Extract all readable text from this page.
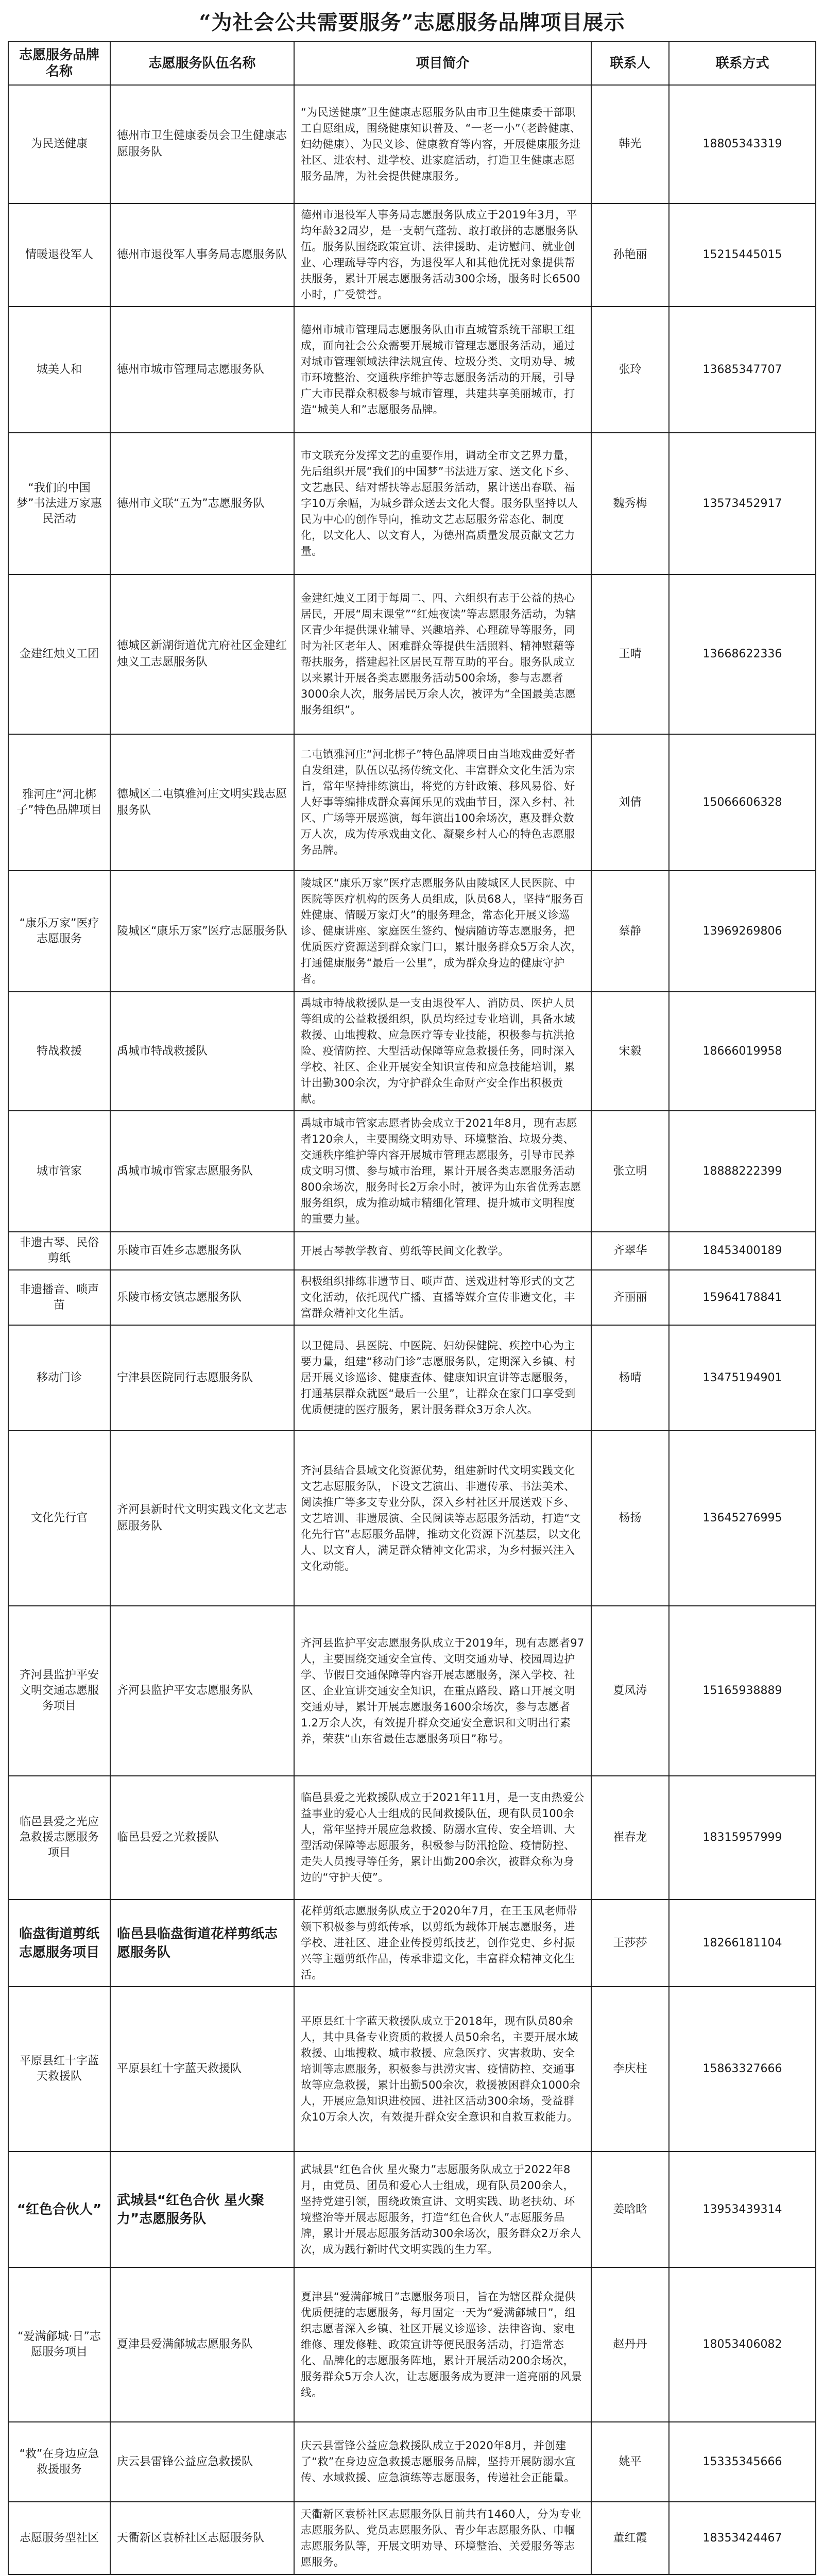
“为社会公共需要服务”志愿服务品牌项目展示
志愿服务品牌名称	志愿服务队伍名称	项目简介	联系人	联系方式
为民送健康	德州市卫生健康委员会卫生健康志愿服务队	“为民送健康”卫生健康志愿服务队由市卫生健康委干部职工自愿组成，围绕健康知识普及、“一老一小”（老龄健康、妇幼健康）、为民义诊、健康教育等内容，开展健康服务进社区、进农村、进学校、进家庭活动，打造卫生健康志愿服务品牌，为社会提供健康服务。	韩光	18805343319
情暖退役军人	德州市退役军人事务局志愿服务队	德州市退役军人事务局志愿服务队成立于2019年3月，平均年龄32周岁，是一支朝气蓬勃、敢打敢拼的志愿服务队伍。服务队围绕政策宣讲、法律援助、走访慰问、就业创业、心理疏导等内容，为退役军人和其他优抚对象提供帮扶服务，累计开展志愿服务活动300余场，服务时长6500小时，广受赞誉。	孙艳丽	15215445015
城美人和	德州市城市管理局志愿服务队	德州市城市管理局志愿服务队由市直城管系统干部职工组成，面向社会公众需要开展城市管理志愿服务活动，通过对城市管理领域法律法规宣传、垃圾分类、文明劝导、城市环境整治、交通秩序维护等志愿服务活动的开展，引导广大市民群众积极参与城市管理，共建共享美丽城市，打造“城美人和”志愿服务品牌。	张玲	13685347707
“我们的中国梦”书法进万家惠民活动	德州市文联“五为”志愿服务队	市文联充分发挥文艺的重要作用，调动全市文艺界力量，先后组织开展“我们的中国梦”书法进万家、送文化下乡、文艺惠民、结对帮扶等志愿服务活动，累计送出春联、福字10万余幅，为城乡群众送去文化大餐。服务队坚持以人民为中心的创作导向，推动文艺志愿服务常态化、制度化，以文化人、以文育人，为德州高质量发展贡献文艺力量。	魏秀梅	13573452917
金建红烛义工团	德城区新湖街道优亢府社区金建红烛义工志愿服务队	金建红烛义工团于每周二、四、六组织有志于公益的热心居民，开展“周末课堂”“红烛夜读”等志愿服务活动，为辖区青少年提供课业辅导、兴趣培养、心理疏导等服务，同时为社区老年人、困难群众等提供生活照料、精神慰藉等帮扶服务，搭建起社区居民互帮互助的平台。服务队成立以来累计开展各类志愿服务活动500余场，参与志愿者3000余人次，服务居民万余人次，被评为“全国最美志愿服务组织”。	王晴	13668622336
雅河庄“河北梆子”特色品牌项目	德城区二屯镇雅河庄文明实践志愿服务队	二屯镇雅河庄“河北梆子”特色品牌项目由当地戏曲爱好者自发组建，队伍以弘扬传统文化、丰富群众文化生活为宗旨，常年坚持排练演出，将党的方针政策、移风易俗、好人好事等编排成群众喜闻乐见的戏曲节目，深入乡村、社区、广场等开展巡演，每年演出100余场次，惠及群众数万人次，成为传承戏曲文化、凝聚乡村人心的特色志愿服务品牌。	刘倩	15066606328
“康乐万家”医疗志愿服务	陵城区“康乐万家”医疗志愿服务队	陵城区“康乐万家”医疗志愿服务队由陵城区人民医院、中医院等医疗机构的医务人员组成，队员68人，坚持“服务百姓健康、情暖万家灯火”的服务理念，常态化开展义诊巡诊、健康讲座、家庭医生签约、慢病随访等志愿服务，把优质医疗资源送到群众家门口，累计服务群众5万余人次，打通健康服务“最后一公里”，成为群众身边的健康守护者。	蔡静	13969269806
特战救援	禹城市特战救援队	禹城市特战救援队是一支由退役军人、消防员、医护人员等组成的公益救援组织，队员均经过专业培训，具备水域救援、山地搜救、应急医疗等专业技能，积极参与抗洪抢险、疫情防控、大型活动保障等应急救援任务，同时深入学校、社区、企业开展安全知识宣传和应急技能培训，累计出勤300余次，为守护群众生命财产安全作出积极贡献。	宋毅	18666019958
城市管家	禹城市城市管家志愿服务队	禹城市城市管家志愿者协会成立于2021年8月，现有志愿者120余人，主要围绕文明劝导、环境整治、垃圾分类、交通秩序维护等内容开展城市管理志愿服务，引导市民养成文明习惯、参与城市治理，累计开展各类志愿服务活动800余场次，服务时长2万余小时，被评为山东省优秀志愿服务组织，成为推动城市精细化管理、提升城市文明程度的重要力量。	张立明	18888222399
非遗古琴、民俗剪纸	乐陵市百姓乡志愿服务队	开展古琴教学教育、剪纸等民间文化教学。	齐翠华	18453400189
非遗播音、唢声苗	乐陵市杨安镇志愿服务队	积极组织排练非遗节目、唢声苗、送戏进村等形式的文艺文化活动，依托现代广播、直播等媒介宣传非遗文化，丰富群众精神文化生活。	齐丽丽	15964178841
移动门诊	宁津县医院同行志愿服务队	以卫健局、县医院、中医院、妇幼保健院、疾控中心为主要力量，组建“移动门诊”志愿服务队，定期深入乡镇、村居开展义诊巡诊、健康查体、健康知识宣讲等志愿服务，打通基层群众就医“最后一公里”，让群众在家门口享受到优质便捷的医疗服务，累计服务群众3万余人次。	杨晴	13475194901
文化先行官	齐河县新时代文明实践文化文艺志愿服务队	齐河县结合县域文化资源优势，组建新时代文明实践文化文艺志愿服务队，下设文艺演出、非遗传承、书法美术、阅读推广等多支专业分队，深入乡村社区开展送戏下乡、文艺培训、非遗展演、全民阅读等志愿服务活动，打造“文化先行官”志愿服务品牌，推动文化资源下沉基层，以文化人、以文育人，满足群众精神文化需求，为乡村振兴注入文化动能。	杨扬	13645276995
齐河县监护平安文明交通志愿服务项目	齐河县监护平安志愿服务队	齐河县监护平安志愿服务队成立于2019年，现有志愿者97人，主要围绕交通安全宣传、文明交通劝导、校园周边护学、节假日交通保障等内容开展志愿服务，深入学校、社区、企业宣讲交通安全知识，在重点路段、路口开展文明交通劝导，累计开展志愿服务1600余场次，参与志愿者1.2万余人次，有效提升群众交通安全意识和文明出行素养，荣获“山东省最佳志愿服务项目”称号。	夏凤涛	15165938889
临邑县爱之光应急救援志愿服务项目	临邑县爱之光救援队	临邑县爱之光救援队成立于2021年11月，是一支由热爱公益事业的爱心人士组成的民间救援队伍，现有队员100余人，常年坚持开展应急救援、防溺水宣传、安全培训、大型活动保障等志愿服务，积极参与防汛抢险、疫情防控、走失人员搜寻等任务，累计出勤200余次，被群众称为身边的“守护天使”。	崔春龙	18315957999
临盘街道剪纸志愿服务项目	临邑县临盘街道花样剪纸志愿服务队	花样剪纸志愿服务队成立于2020年7月，在王玉凤老师带领下积极参与剪纸传承，以剪纸为载体开展志愿服务，进学校、进社区、进企业传授剪纸技艺，创作党史、乡村振兴等主题剪纸作品，传承非遗文化，丰富群众精神文化生活。	王莎莎	18266181104
平原县红十字蓝天救援队	平原县红十字蓝天救援队	平原县红十字蓝天救援队成立于2018年，现有队员80余人，其中具备专业资质的救援人员50余名，主要开展水域救援、山地搜救、城市救援、应急医疗、灾害救助、安全培训等志愿服务，积极参与洪涝灾害、疫情防控、交通事故等应急救援，累计出勤500余次，救援被困群众1000余人，开展应急知识进校园、进社区活动300余场，受益群众10万余人次，有效提升群众安全意识和自救互救能力。	李庆柱	15863327666
“红色合伙人”	武城县“红色合伙 星火聚力”志愿服务队	武城县“红色合伙 星火聚力”志愿服务队成立于2022年8月，由党员、团员和爱心人士组成，现有队员200余人，坚持党建引领，围绕政策宣讲、文明实践、助老扶幼、环境整治等开展志愿服务，打造“红色合伙人”志愿服务品牌，累计开展志愿服务活动300余场次，服务群众2万余人次，成为践行新时代文明实践的生力军。	姜晗晗	13953439314
“爱满鄃城·日”志愿服务项目	夏津县爱满鄃城志愿服务队	夏津县“爱满鄃城日”志愿服务项目，旨在为辖区群众提供优质便捷的志愿服务，每月固定一天为“爱满鄃城日”，组织志愿者深入乡镇、社区开展义诊巡诊、法律咨询、家电维修、理发修鞋、政策宣讲等便民服务活动，打造常态化、品牌化的志愿服务阵地，累计开展活动200余场次，服务群众5万余人次，让志愿服务成为夏津一道亮丽的风景线。	赵丹丹	18053406082
“救”在身边应急救援服务	庆云县雷锋公益应急救援队	庆云县雷锋公益应急救援队成立于2020年8月，并创建了“救”在身边应急救援志愿服务品牌，坚持开展防溺水宣传、水域救援、应急演练等志愿服务，传递社会正能量。	姚平	15335345666
志愿服务型社区	天衢新区袁桥社区志愿服务队	天衢新区袁桥社区志愿服务队目前共有1460人，分为专业志愿服务队、党员志愿服务队、青少年志愿服务队、巾帼志愿服务队等，开展文明劝导、环境整治、关爱服务等志愿服务。	董红霞	18353424467
